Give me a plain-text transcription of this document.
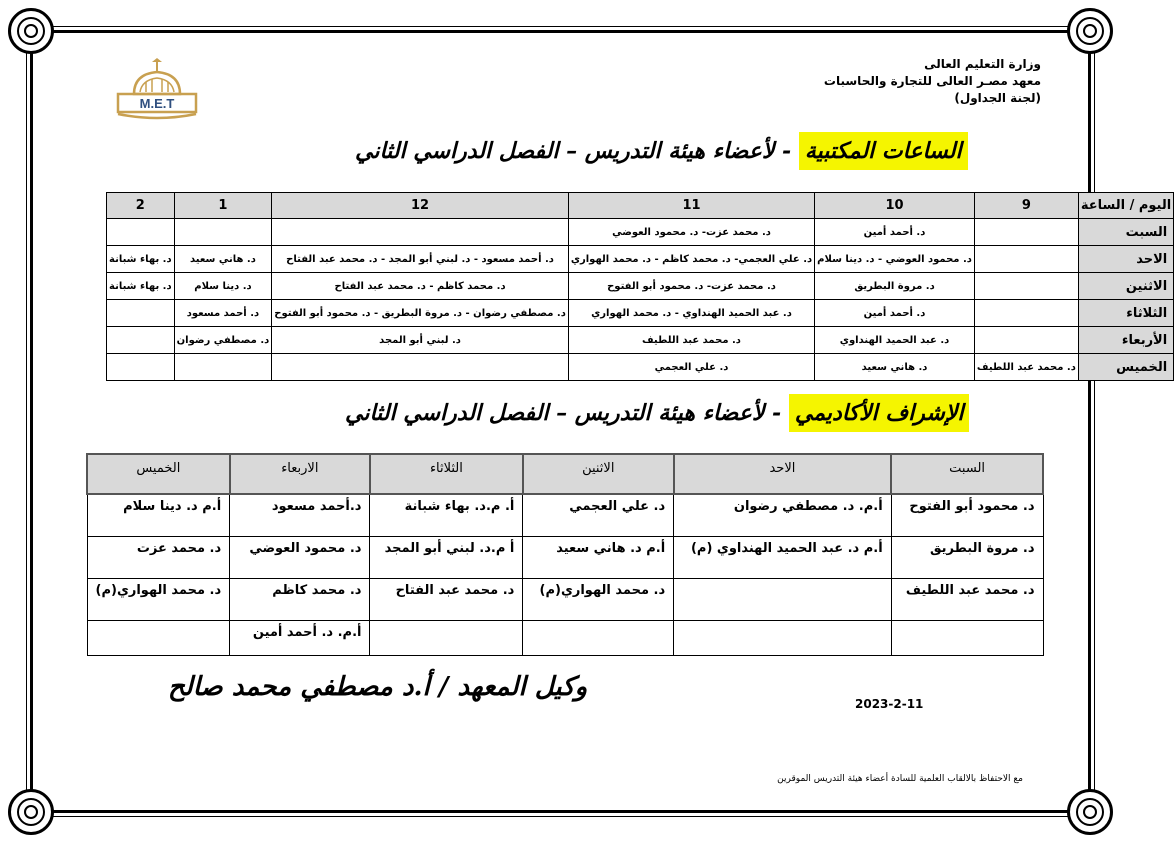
وزارة التعليم العالى
معهد مصـر العالى للتجارة والحاسبات
(لجنة الجداول)
M.E.T
الساعات المكتبية - لأعضاء هيئة التدريس – الفصل الدراسي الثاني
اليوم / الساعة	9	10	11	12	1	2
السبت		د. أحمد أمين	د. محمد عزت- د. محمود العوضي			
الاحد		د. محمود العوضي - د. دينا سلام	د. علي العجمي- د. محمد كاظم - د. محمد الهواري	د. أحمد مسعود - د. لبني أبو المجد - د. محمد عبد الفتاح	د. هاني سعيد	د. بهاء شبانة
الاثنين		د. مروة البطريق	د. محمد عزت- د. محمود أبو الفتوح	د. محمد كاظم - د. محمد عبد الفتاح	د. دينا سلام	د. بهاء شبانة
الثلاثاء		د. أحمد أمين	د. عبد الحميد الهنداوي - د. محمد الهواري	د. مصطفي رضوان - د. مروة البطريق - د. محمود أبو الفتوح	د. أحمد مسعود	
الأربعاء		د. عبد الحميد الهنداوي	د. محمد عبد اللطيف	د. لبني أبو المجد	د. مصطفي رضوان	
الخميس	د. محمد عبد اللطيف	د. هاني سعيد	د. علي العجمي			
الإشراف الأكاديمي - لأعضاء هيئة التدريس – الفصل الدراسي الثاني
السبت	الاحد	الاثنين	الثلاثاء	الاربعاء	الخميس
د. محمود أبو الفتوح	أ.م. د. مصطفي رضوان	د. علي العجمي	أ. م.د. بهاء شبانة	د.أحمد مسعود	أ.م د. دينا سلام
د. مروة البطريق	أ.م د. عبد الحميد الهنداوي (م)	أ.م د. هاني سعيد	أ م.د. لبني أبو المجد	د. محمود العوضي	د. محمد عزت
د. محمد عبد اللطيف		د. محمد الهواري(م)	د. محمد عبد الفتاح	د. محمد كاظم	د. محمد الهواري(م)
				أ.م. د. أحمد أمين	
وكيل المعهد / أ.د مصطفي محمد صالح
2023-2-11
مع الاحتفاظ بالالقاب العلمية للسادة أعضاء هيئة التدريس الموقرين
